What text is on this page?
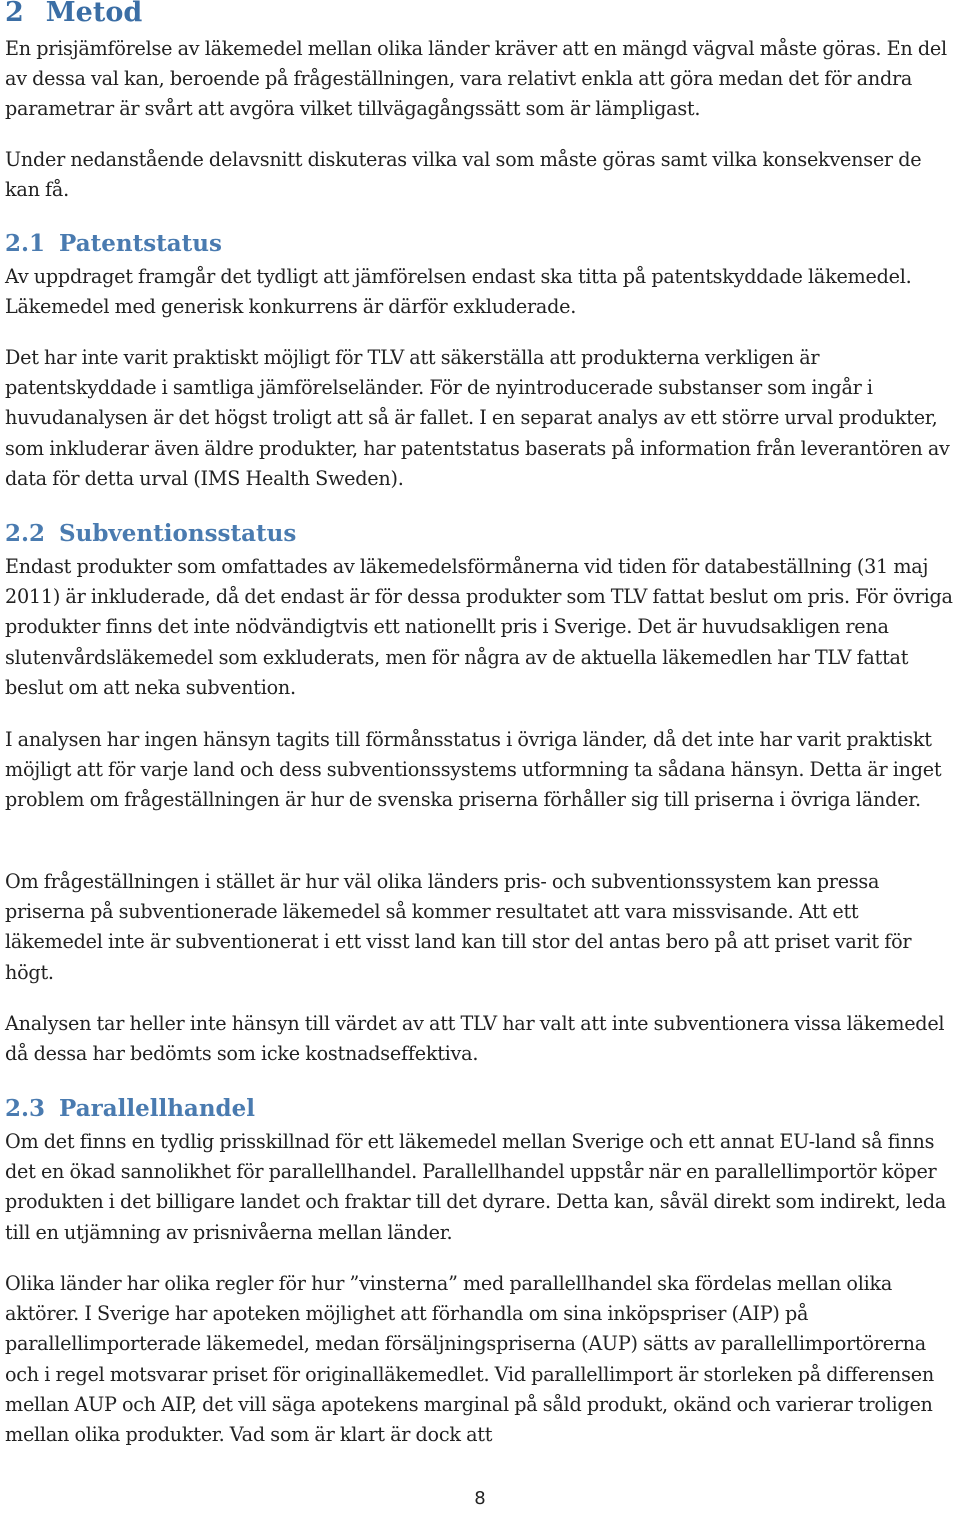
2 Metod

En prisjämförelse av läkemedel mellan olika länder kräver att en mängd vägval måste göras. En del av dessa val kan, beroende på frågeställningen, vara relativt enkla att göra medan det för andra parametrar är svårt att avgöra vilket tillvägagångssätt som är lämpligast.

Under nedanstående delavsnitt diskuteras vilka val som måste göras samt vilka konsekvenser de kan få.

2.1 Patentstatus

Av uppdraget framgår det tydligt att jämförelsen endast ska titta på patentskyddade läkemedel. Läkemedel med generisk konkurrens är därför exkluderade.

Det har inte varit praktiskt möjligt för TLV att säkerställa att produkterna verkligen är patentskyddade i samtliga jämförelseländer. För de nyintroducerade substanser som ingår i huvudanalysen är det högst troligt att så är fallet. I en separat analys av ett större urval produkter, som inkluderar även äldre produkter, har patentstatus baserats på information från leverantören av data för detta urval (IMS Health Sweden).

2.2 Subventionsstatus

Endast produkter som omfattades av läkemedelsförmånerna vid tiden för databeställning (31 maj 2011) är inkluderade, då det endast är för dessa produkter som TLV fattat beslut om pris. För övriga produkter finns det inte nödvändigtvis ett nationellt pris i Sverige. Det är huvudsakligen rena slutenvårdsläkemedel som exkluderats, men för några av de aktuella läkemedlen har TLV fattat beslut om att neka subvention.

I analysen har ingen hänsyn tagits till förmånsstatus i övriga länder, då det inte har varit praktiskt möjligt att för varje land och dess subventionssystems utformning ta sådana hänsyn. Detta är inget problem om frågeställningen är hur de svenska priserna förhåller sig till priserna i övriga länder.

Om frågeställningen i stället är hur väl olika länders pris- och subventionssystem kan pressa priserna på subventionerade läkemedel så kommer resultatet att vara missvisande. Att ett läkemedel inte är subventionerat i ett visst land kan till stor del antas bero på att priset varit för högt.

Analysen tar heller inte hänsyn till värdet av att TLV har valt att inte subventionera vissa läkemedel då dessa har bedömts som icke kostnadseffektiva.

2.3 Parallellhandel

Om det finns en tydlig prisskillnad för ett läkemedel mellan Sverige och ett annat EU-land så finns det en ökad sannolikhet för parallellhandel. Parallellhandel uppstår när en parallellimportör köper produkten i det billigare landet och fraktar till det dyrare. Detta kan, såväl direkt som indirekt, leda till en utjämning av prisnivåerna mellan länder.

Olika länder har olika regler för hur ”vinsterna” med parallellhandel ska fördelas mellan olika aktörer. I Sverige har apoteken möjlighet att förhandla om sina inköpspriser (AIP) på parallellimporterade läkemedel, medan försäljningspriserna (AUP) sätts av parallellimportörerna och i regel motsvarar priset för originalläkemedlet. Vid parallellimport är storleken på differensen mellan AUP och AIP, det vill säga apotekens marginal på såld produkt, okänd och varierar troligen mellan olika produkter. Vad som är klart är dock att

8
